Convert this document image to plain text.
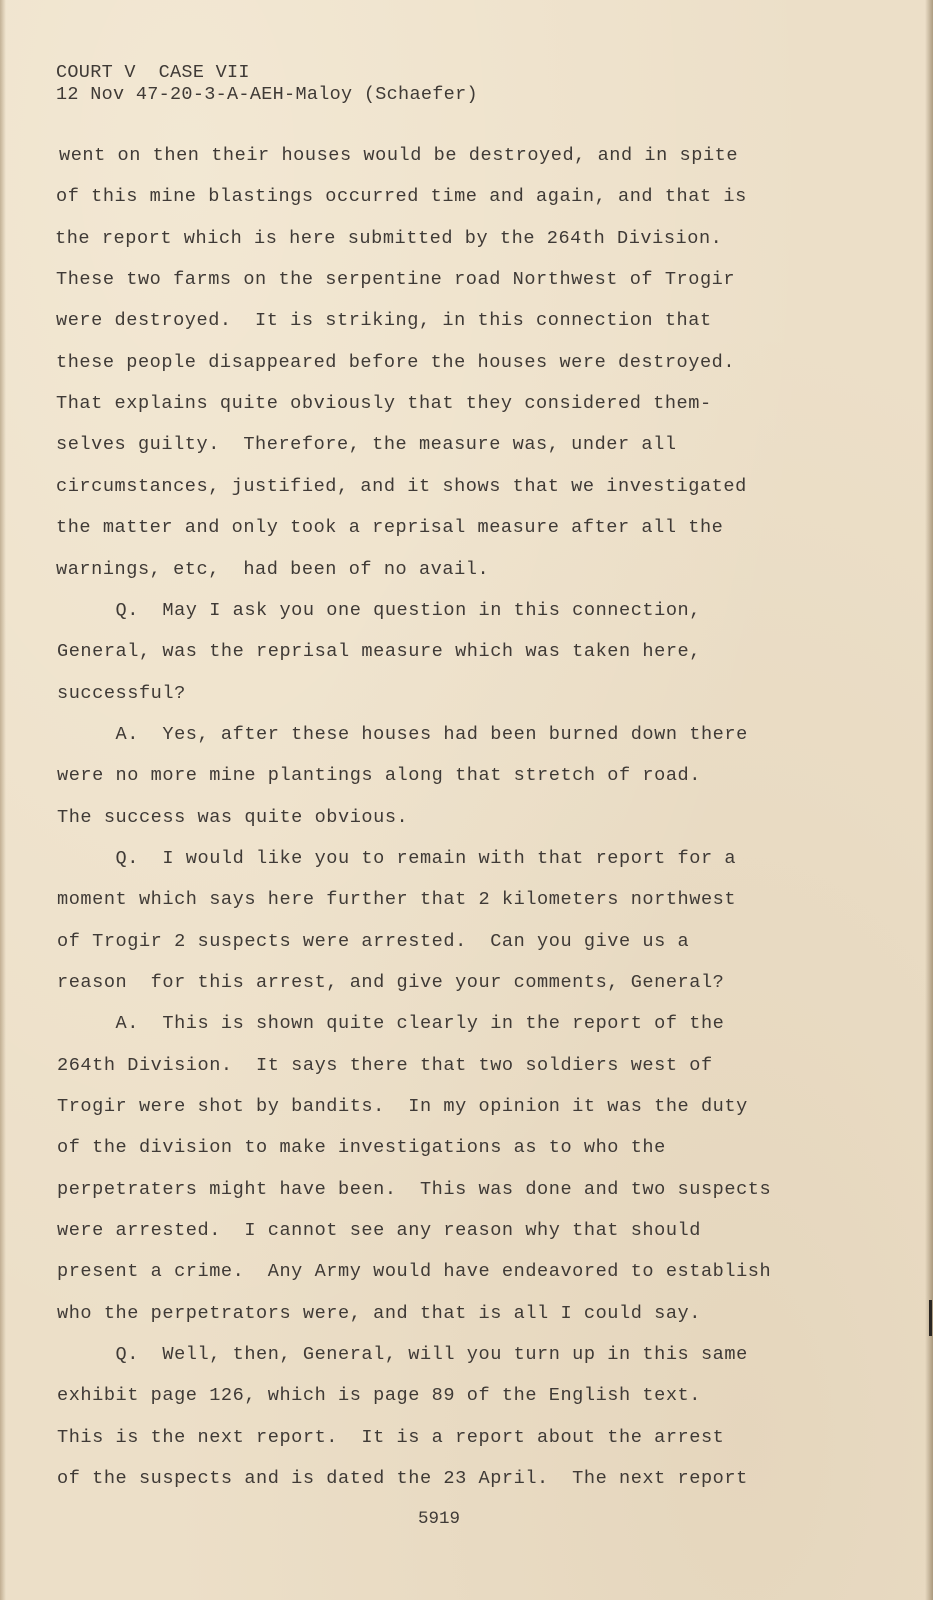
COURT V  CASE VII
12 Nov 47-20-3-A-AEH-Maloy (Schaefer)
went on then their houses would be destroyed, and in spite
of this mine blastings occurred time and again, and that is
the report which is here submitted by the 264th Division.
These two farms on the serpentine road Northwest of Trogir
were destroyed.  It is striking, in this connection that
these people disappeared before the houses were destroyed.
That explains quite obviously that they considered them-
selves guilty.  Therefore, the measure was, under all
circumstances, justified, and it shows that we investigated
the matter and only took a reprisal measure after all the
warnings, etc,  had been of no avail.
Q.  May I ask you one question in this connection,
General, was the reprisal measure which was taken here,
successful?
A.  Yes, after these houses had been burned down there
were no more mine plantings along that stretch of road.
The success was quite obvious.
Q.  I would like you to remain with that report for a
moment which says here further that 2 kilometers northwest
of Trogir 2 suspects were arrested.  Can you give us a
reason  for this arrest, and give your comments, General?
A.  This is shown quite clearly in the report of the
264th Division.  It says there that two soldiers west of
Trogir were shot by bandits.  In my opinion it was the duty
of the division to make investigations as to who the
perpetraters might have been.  This was done and two suspects
were arrested.  I cannot see any reason why that should
present a crime.  Any Army would have endeavored to establish
who the perpetrators were, and that is all I could say.
Q.  Well, then, General, will you turn up in this same
exhibit page 126, which is page 89 of the English text.
This is the next report.  It is a report about the arrest
of the suspects and is dated the 23 April.  The next report
5919
